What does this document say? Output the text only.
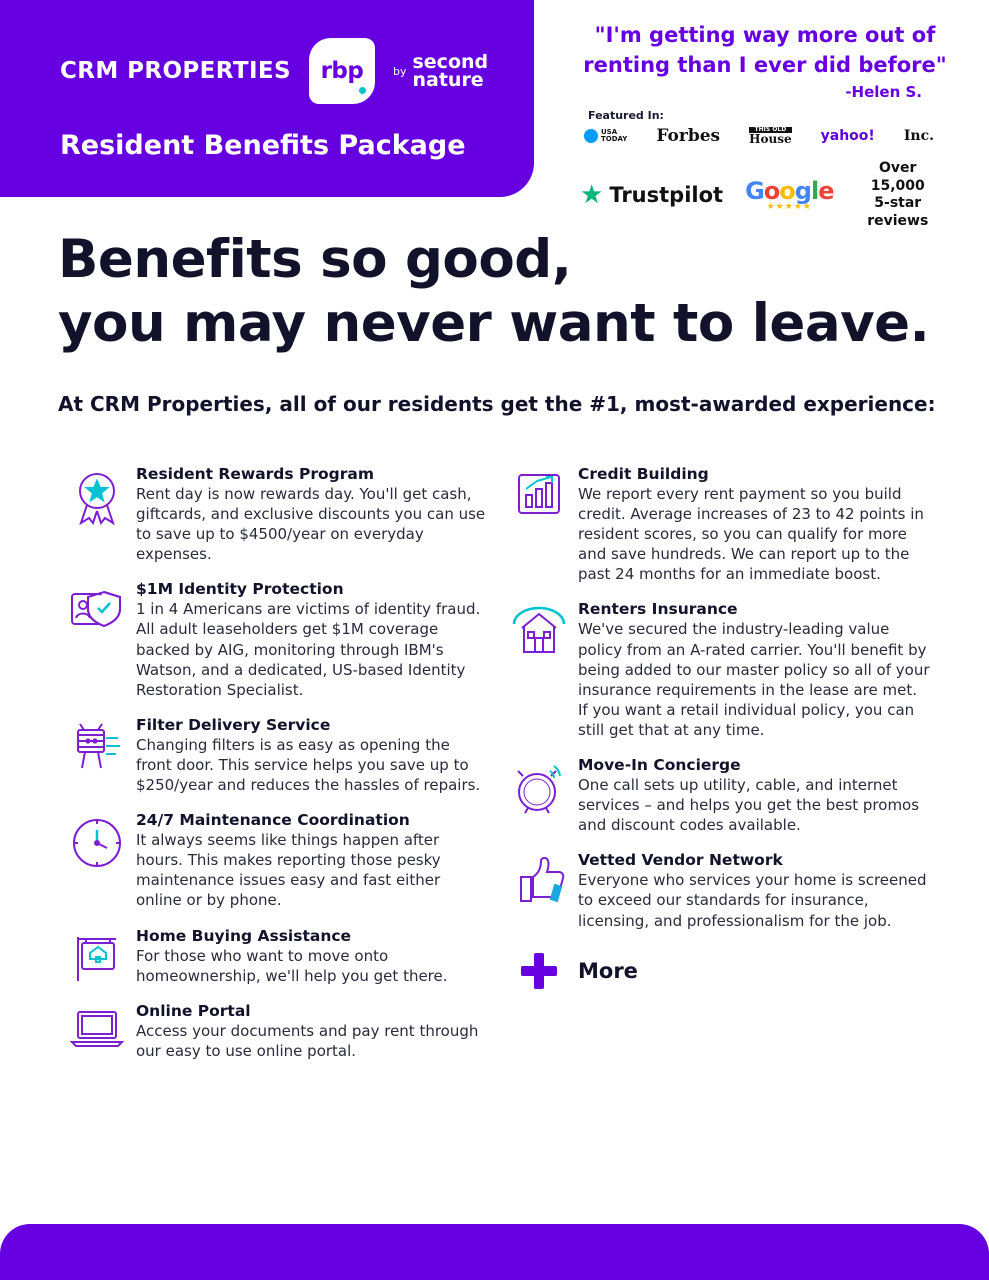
CRM PROPERTIES rbp	by second
nature
Resident Benefits Package
"I'm getting way more out of renting than I ever did before"
-Helen S.
Featured In:
USA
TODAY Forbes	THIS OLD
House yahoo! Inc.
★ Trustpilot Google
★★★★★
Over 15,000
5-star reviews
Benefits so good,
you may never want to leave.
At CRM Properties, all of our residents get the #1, most-awarded experience:
Resident Rewards Program
Rent day is now rewards day. You'll get cash, giftcards, and exclusive discounts you can use to save up to $4500/year on everyday expenses.
$1M Identity Protection
1 in 4 Americans are victims of identity fraud. All adult leaseholders get $1M coverage backed by AIG, monitoring through IBM's Watson, and a dedicated, US-based Identity Restoration Specialist.
Filter Delivery Service
Changing filters is as easy as opening the front door. This service helps you save up to $250/year and reduces the hassles of repairs.
24/7 Maintenance Coordination
It always seems like things happen after hours. This makes reporting those pesky maintenance issues easy and fast either online or by phone.
Home Buying Assistance
For those who want to move onto homeownership, we'll help you get there.
Online Portal
Access your documents and pay rent through our easy to use online portal.
Credit Building
We report every rent payment so you build credit. Average increases of 23 to 42 points in resident scores, so you can qualify for more and save hundreds. We can report up to the past 24 months for an immediate boost.
Renters Insurance
We've secured the industry-leading value policy from an A-rated carrier. You'll benefit by being added to our master policy so all of your insurance requirements in the lease are met. If you want a retail individual policy, you can still get that at any time.
Move-In Concierge
One call sets up utility, cable, and internet services – and helps you get the best promos and discount codes available.
Vetted Vendor Network
Everyone who services your home is screened to exceed our standards for insurance, licensing, and professionalism for the job.
More
